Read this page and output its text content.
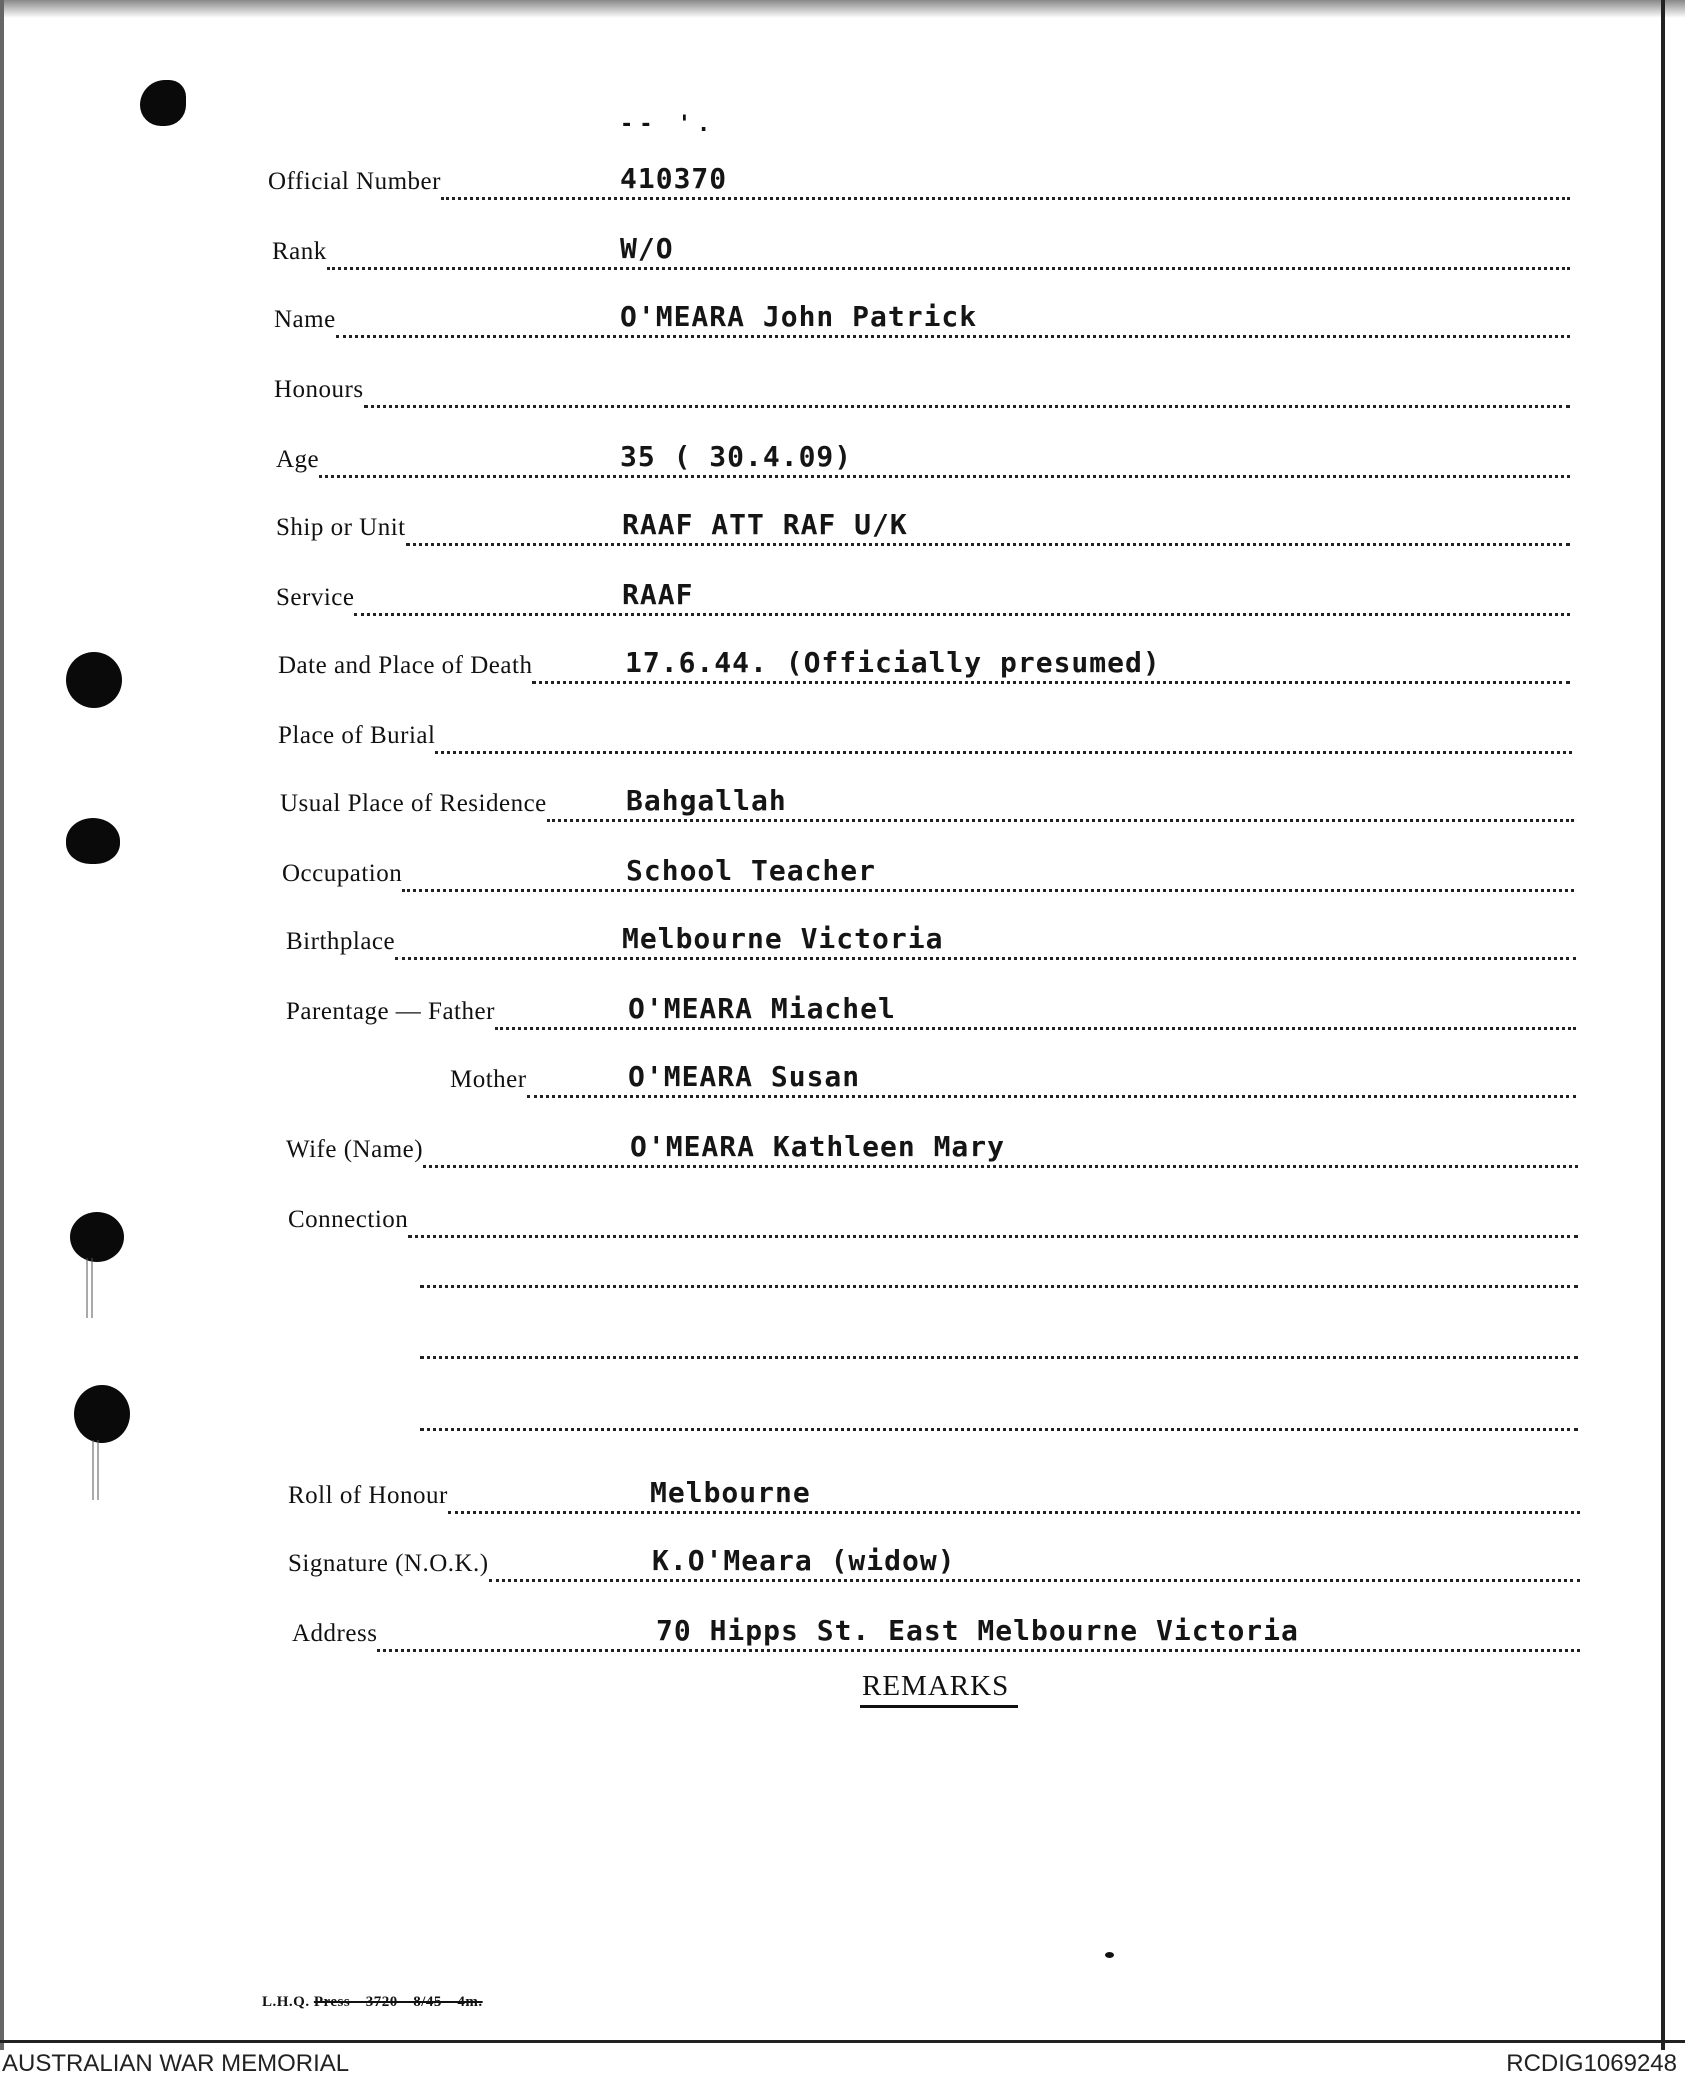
-- '.
Official Number	410370
Rank	W/O
Name	O'MEARA John Patrick
Honours
Age	35 ( 30.4.09)
Ship or Unit	RAAF ATT RAF U/K
Service	RAAF
Date and Place of Death	17.6.44. (Officially presumed)
Place of Burial
Usual Place of Residence	Bahgallah
Occupation	School Teacher
Birthplace	Melbourne Victoria
Parentage — Father	O'MEARA Miachel
Mother	O'MEARA Susan
Wife (Name)	O'MEARA Kathleen Mary
Connection
Roll of Honour	Melbourne
Signature (N.O.K.)	K.O'Meara (widow)
Address	70 Hipps St. East Melbourne Victoria
REMARKS
L.H.Q. Press—3720—8/45—4m.
AUSTRALIAN WAR MEMORIAL	RCDIG1069248
